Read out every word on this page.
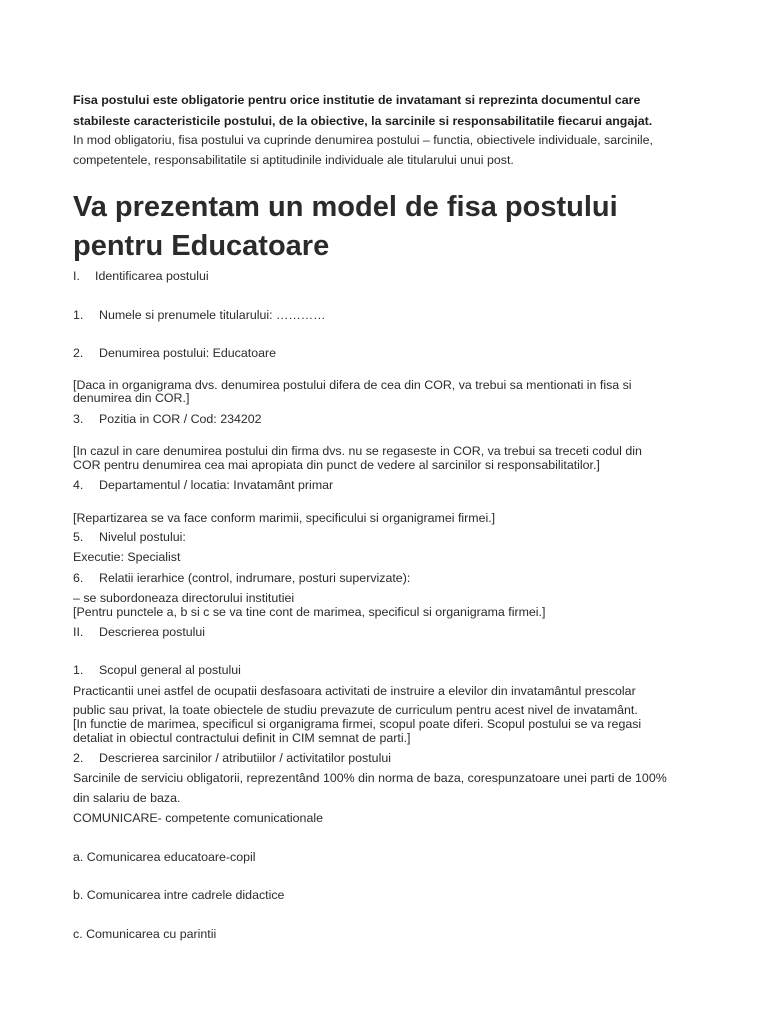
Fisa postului este obligatorie pentru orice institutie de invatamant si reprezinta documentul care
stabileste caracteristicile postului, de la obiective, la sarcinile si responsabilitatile fiecarui angajat.
In mod obligatoriu, fisa postului va cuprinde denumirea postului – functia, obiectivele individuale, sarcinile,
competentele, responsabilitatile si aptitudinile individuale ale titularului unui post.
Va prezentam un model de fisa postului
pentru Educatoare
I. Identificarea postului
1. Numele si prenumele titularului: …………
2. Denumirea postului: Educatoare
[Daca in organigrama dvs. denumirea postului difera de cea din COR, va trebui sa mentionati in fisa si
denumirea din COR.]
3. Pozitia in COR / Cod: 234202
[In cazul in care denumirea postului din firma dvs. nu se regaseste in COR, va trebui sa treceti codul din
COR pentru denumirea cea mai apropiata din punct de vedere al sarcinilor si responsabilitatilor.]
4. Departamentul / locatia: Invatamânt primar
[Repartizarea se va face conform marimii, specificului si organigramei firmei.]
5. Nivelul postului:
Executie: Specialist
6. Relatii ierarhice (control, indrumare, posturi supervizate):
– se subordoneaza directorului institutiei
[Pentru punctele a, b si c se va tine cont de marimea, specificul si organigrama firmei.]
II. Descrierea postului
1. Scopul general al postului
Practicantii unei astfel de ocupatii desfasoara activitati de instruire a elevilor din invatamântul prescolar
public sau privat, la toate obiectele de studiu prevazute de curriculum pentru acest nivel de invatamânt.
[In functie de marimea, specificul si organigrama firmei, scopul poate diferi. Scopul postului se va regasi
detaliat in obiectul contractului definit in CIM semnat de parti.]
2. Descrierea sarcinilor / atributiilor / activitatilor postului
Sarcinile de serviciu obligatorii, reprezentând 100% din norma de baza, corespunzatoare unei parti de 100%
din salariu de baza.
COMUNICARE- competente comunicationale
a. Comunicarea educatoare-copil
b. Comunicarea intre cadrele didactice
c. Comunicarea cu parintii
